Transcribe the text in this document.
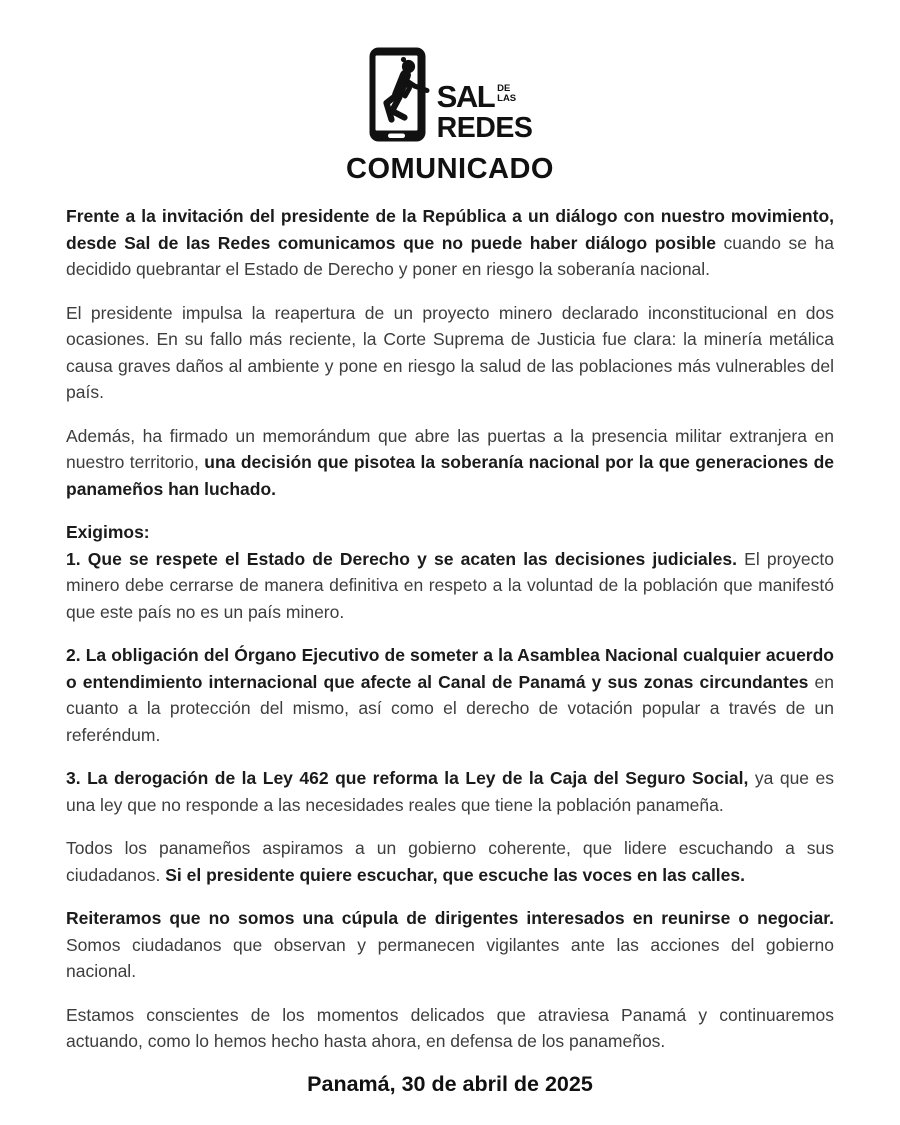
SAL DE
LAS
REDES
COMUNICADO

Frente a la invitación del presidente de la República a un diálogo con nuestro movimiento, desde Sal de las Redes comunicamos que no puede haber diálogo posible cuando se ha decidido quebrantar el Estado de Derecho y poner en riesgo la soberanía nacional.

El presidente impulsa la reapertura de un proyecto minero declarado inconstitucional en dos ocasiones. En su fallo más reciente, la Corte Suprema de Justicia fue clara: la minería metálica causa graves daños al ambiente y pone en riesgo la salud de las poblaciones más vulnerables del país.

Además, ha firmado un memorándum que abre las puertas a la presencia militar extranjera en nuestro territorio, una decisión que pisotea la soberanía nacional por la que generaciones de panameños han luchado.

Exigimos:

1. Que se respete el Estado de Derecho y se acaten las decisiones judiciales. El proyecto minero debe cerrarse de manera definitiva en respeto a la voluntad de la población que manifestó que este país no es un país minero.

2. La obligación del Órgano Ejecutivo de someter a la Asamblea Nacional cualquier acuerdo o entendimiento internacional que afecte al Canal de Panamá y sus zonas circundantes en cuanto a la protección del mismo, así como el derecho de votación popular a través de un referéndum.

3. La derogación de la Ley 462 que reforma la Ley de la Caja del Seguro Social, ya que es una ley que no responde a las necesidades reales que tiene la población panameña.

Todos los panameños aspiramos a un gobierno coherente, que lidere escuchando a sus ciudadanos. Si el presidente quiere escuchar, que escuche las voces en las calles.

Reiteramos que no somos una cúpula de dirigentes interesados en reunirse o negociar. Somos ciudadanos que observan y permanecen vigilantes ante las acciones del gobierno nacional.

Estamos conscientes de los momentos delicados que atraviesa Panamá y continuaremos actuando, como lo hemos hecho hasta ahora, en defensa de los panameños.

Panamá, 30 de abril de 2025
